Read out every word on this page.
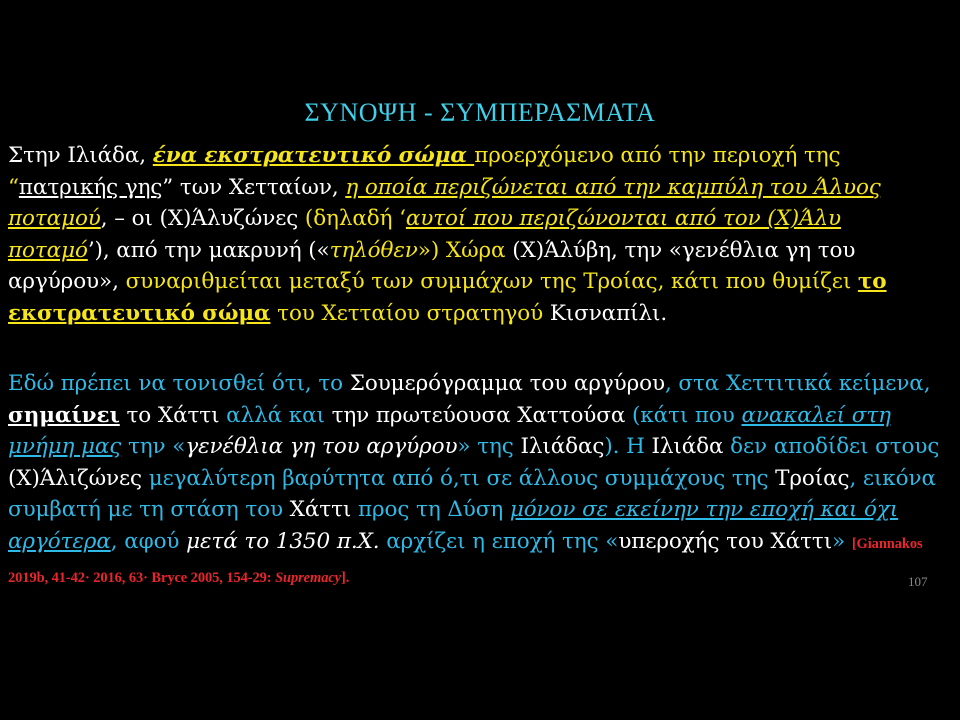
ΣΥΝΟΨΗ - ΣΥΜΠΕΡΑΣΜΑΤΑ
Στην Ιλιάδα, ένα εκστρατευτικό σώμα προερχόμενο από την περιοχή της “πατρικής γης” των Χετταίων, η οποία περιζώνεται από την καμπύλη του Άλυος ποταμού, – οι (Χ)Άλυζώνες (δηλαδή ‘αυτοί που περιζώνονται από τον (Χ)Άλυ ποταμό’), από την μακρυνή («τηλόθεν») Χώρα (Χ)Άλύβη, την «γενέθλια γη του αργύρου», συναριθμείται μεταξύ των συμμάχων της Τροίας, κάτι που θυμίζει το εκστρατευτικό σώμα του Χετταίου στρατηγού Κισναπίλι.
Εδώ πρέπει να τονισθεί ότι, το Σουμερόγραμμα του αργύρου, στα Χεττιτικά κείμενα, σημαίνει το Χάττι αλλά και την πρωτεύουσα Χαττούσα (κάτι που ανακαλεί στη μνήμη μας την «γενέθλια γη του αργύρου» της Ιλιάδας). Η Ιλιάδα δεν αποδίδει στους (Χ)Άλιζώνες μεγαλύτερη βαρύτητα από ό,τι σε άλλους συμμάχους της Τροίας, εικόνα συμβατή με τη στάση του Χάττι προς τη Δύση μόνον σε εκείνην την εποχή και όχι αργότερα, αφού μετά το 1350 π.Χ. αρχίζει η εποχή της «υπεροχής του Χάττι» [Giannakos 2019b, 41-42· 2016, 63· Bryce 2005, 154-29: Supremacy].	107
